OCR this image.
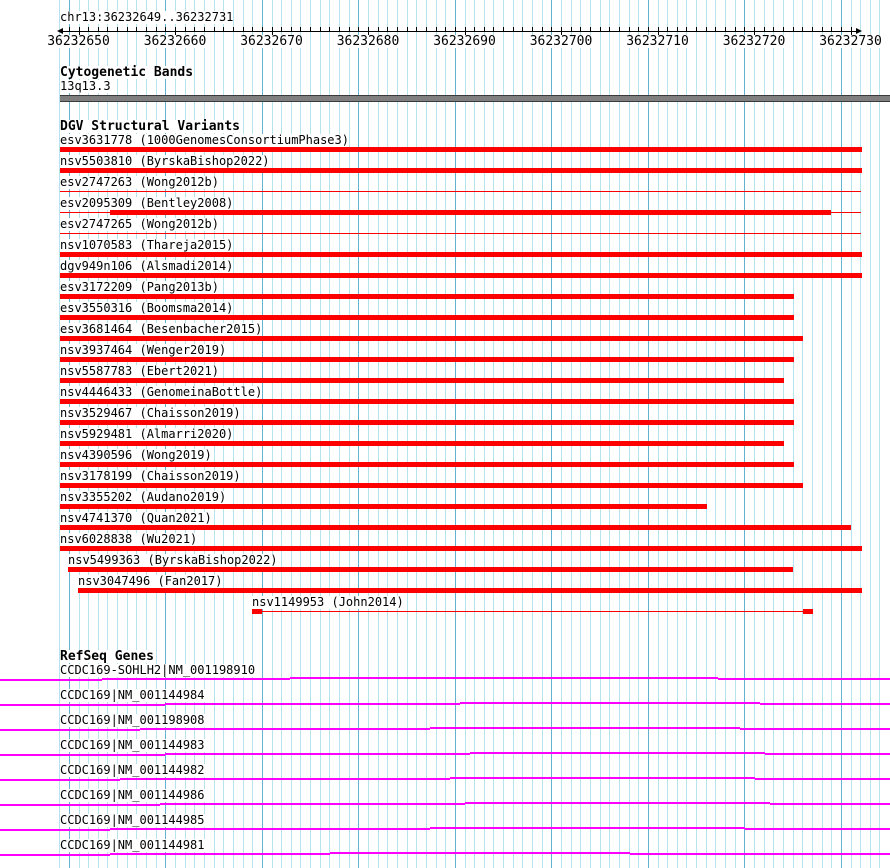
chr13:36232649..36232731
36232650	36232660	36232670	36232680	36232690	36232700	36232710	36232720	36232730
Cytogenetic Bands
13q13.3
DGV Structural Variants
esv3631778 (1000GenomesConsortiumPhase3)
nsv5503810 (ByrskaBishop2022)
esv2747263 (Wong2012b)
esv2095309 (Bentley2008)
esv2747265 (Wong2012b)
nsv1070583 (Thareja2015)
dgv949n106 (Alsmadi2014)
esv3172209 (Pang2013b)
esv3550316 (Boomsma2014)
esv3681464 (Besenbacher2015)
nsv3937464 (Wenger2019)
nsv5587783 (Ebert2021)
nsv4446433 (GenomeinaBottle)
nsv3529467 (Chaisson2019)
nsv5929481 (Almarri2020)
nsv4390596 (Wong2019)
nsv3178199 (Chaisson2019)
nsv3355202 (Audano2019)
nsv4741370 (Quan2021)
nsv6028838 (Wu2021)
nsv5499363 (ByrskaBishop2022)
nsv3047496 (Fan2017)
nsv1149953 (John2014)
RefSeq Genes
CCDC169-SOHLH2|NM_001198910
CCDC169|NM_001144984
CCDC169|NM_001198908
CCDC169|NM_001144983
CCDC169|NM_001144982
CCDC169|NM_001144986
CCDC169|NM_001144985
CCDC169|NM_001144981
